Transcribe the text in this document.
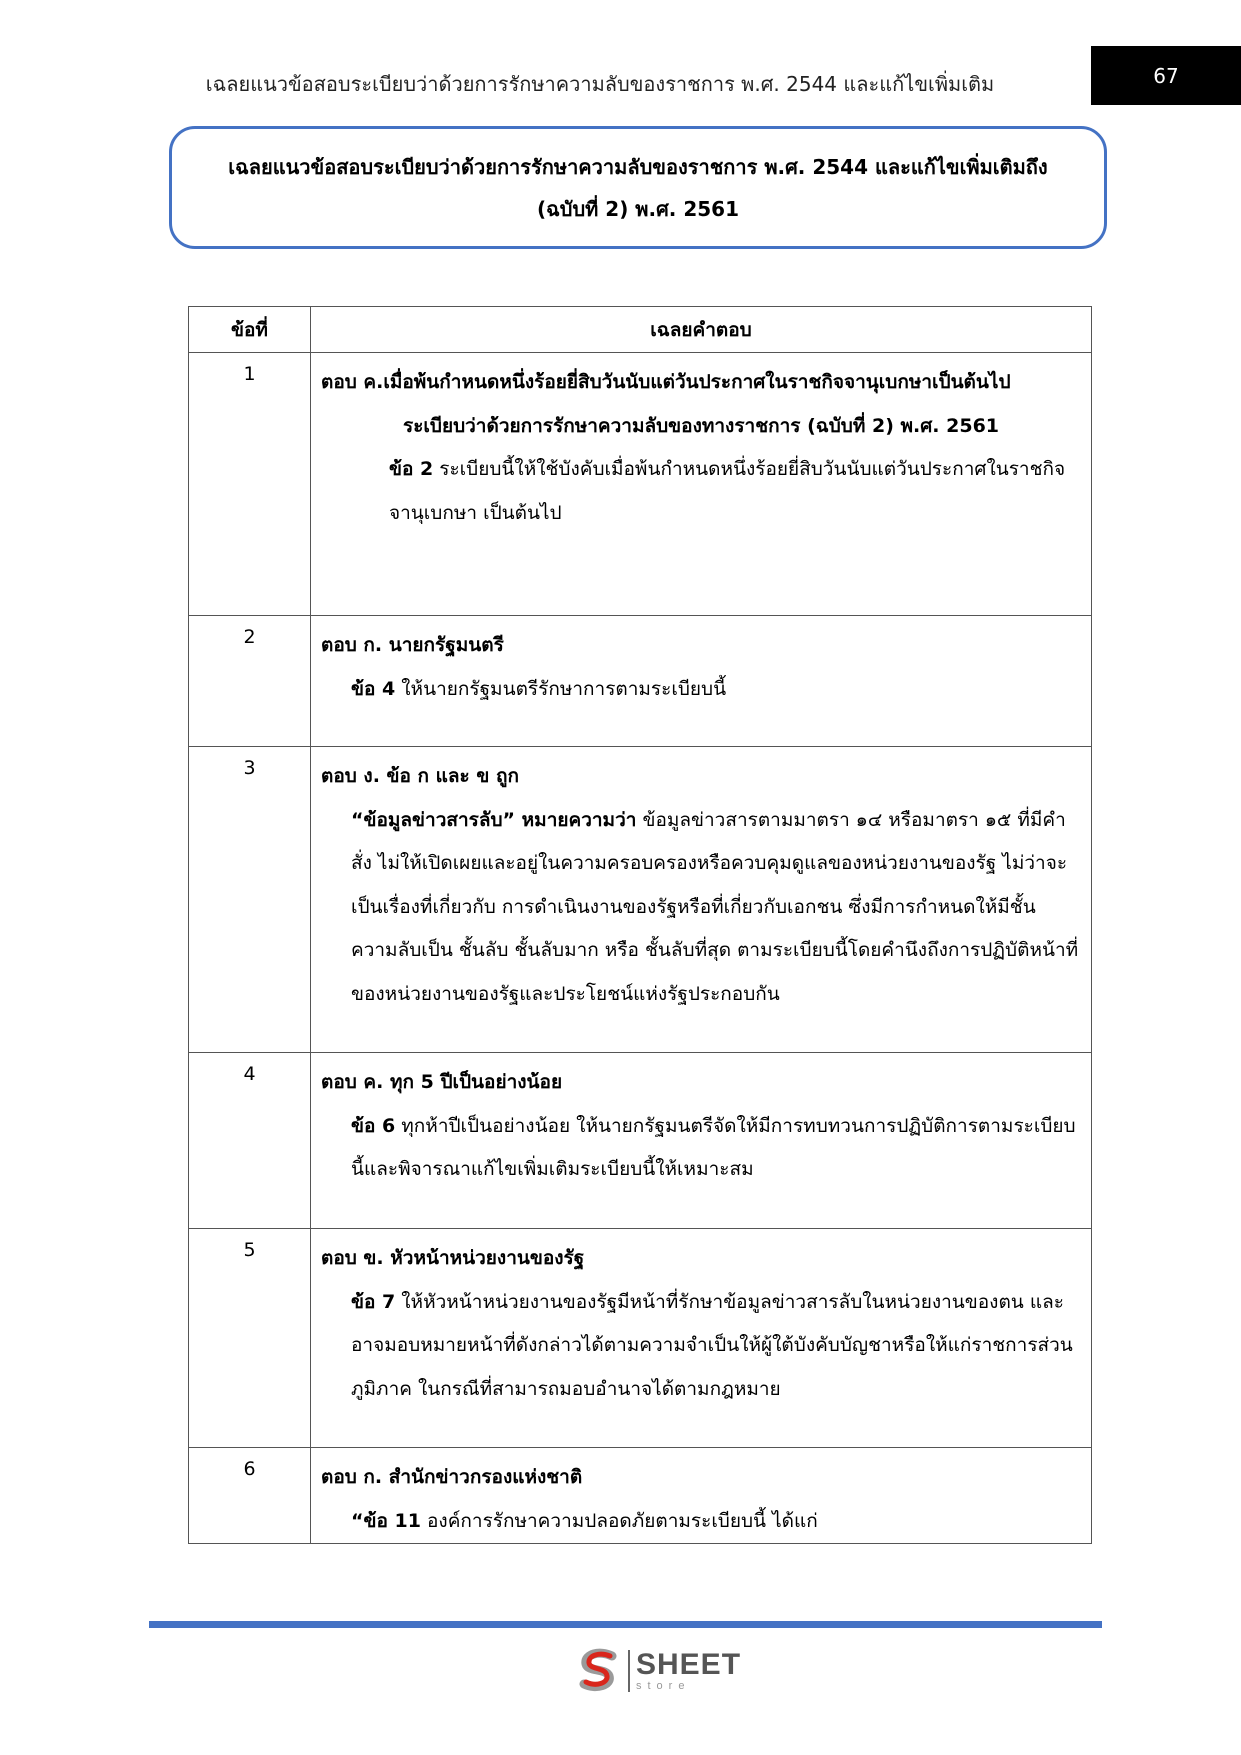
เฉลยแนวข้อสอบระเบียบว่าด้วยการรักษาความลับของราชการ พ.ศ. 2544 และแก้ไขเพิ่มเติม	67
เฉลยแนวข้อสอบระเบียบว่าด้วยการรักษาความลับของราชการ พ.ศ. 2544 และแก้ไขเพิ่มเติมถึง
(ฉบับที่ 2) พ.ศ. 2561
ข้อที่	เฉลยคำตอบ
1	ตอบ ค.เมื่อพ้นกำหนดหนึ่งร้อยยี่สิบวันนับแต่วันประกาศในราชกิจจานุเบกษาเป็นต้นไป
ระเบียบว่าด้วยการรักษาความลับของทางราชการ (ฉบับที่ 2) พ.ศ. 2561
ข้อ 2 ระเบียบนี้ให้ใช้บังคับเมื่อพ้นกำหนดหนึ่งร้อยยี่สิบวันนับแต่วันประกาศในราชกิจจานุเบกษา เป็นต้นไป

2	ตอบ ก. นายกรัฐมนตรี
ข้อ 4 ให้นายกรัฐมนตรีรักษาการตามระเบียบนี้

3	ตอบ ง. ข้อ ก และ ข ถูก
“ข้อมูลข่าวสารลับ” หมายความว่า ข้อมูลข่าวสารตามมาตรา ๑๔ หรือมาตรา ๑๕ ที่มีคำสั่ง ไม่ให้เปิดเผยและอยู่ในความครอบครองหรือควบคุมดูแลของหน่วยงานของรัฐ ไม่ว่าจะเป็นเรื่องที่เกี่ยวกับ การดำเนินงานของรัฐหรือที่เกี่ยวกับเอกชน ซึ่งมีการกำหนดให้มีชั้นความลับเป็น ชั้นลับ ชั้นลับมาก หรือ ชั้นลับที่สุด ตามระเบียบนี้โดยคำนึงถึงการปฏิบัติหน้าที่ของหน่วยงานของรัฐและประโยชน์แห่งรัฐประกอบกัน

4	ตอบ ค. ทุก 5 ปีเป็นอย่างน้อย
ข้อ 6 ทุกห้าปีเป็นอย่างน้อย ให้นายกรัฐมนตรีจัดให้มีการทบทวนการปฏิบัติการตามระเบียบนี้และพิจารณาแก้ไขเพิ่มเติมระเบียบนี้ให้เหมาะสม

5	ตอบ ข. หัวหน้าหน่วยงานของรัฐ
ข้อ 7 ให้หัวหน้าหน่วยงานของรัฐมีหน้าที่รักษาข้อมูลข่าวสารลับในหน่วยงานของตน และอาจมอบหมายหน้าที่ดังกล่าวได้ตามความจำเป็นให้ผู้ใต้บังคับบัญชาหรือให้แก่ราชการส่วนภูมิภาค ในกรณีที่สามารถมอบอำนาจได้ตามกฎหมาย

6	ตอบ ก. สำนักข่าวกรองแห่งชาติ
“ข้อ 11 องค์การรักษาความปลอดภัยตามระเบียบนี้ ได้แก่
SHEET
store
